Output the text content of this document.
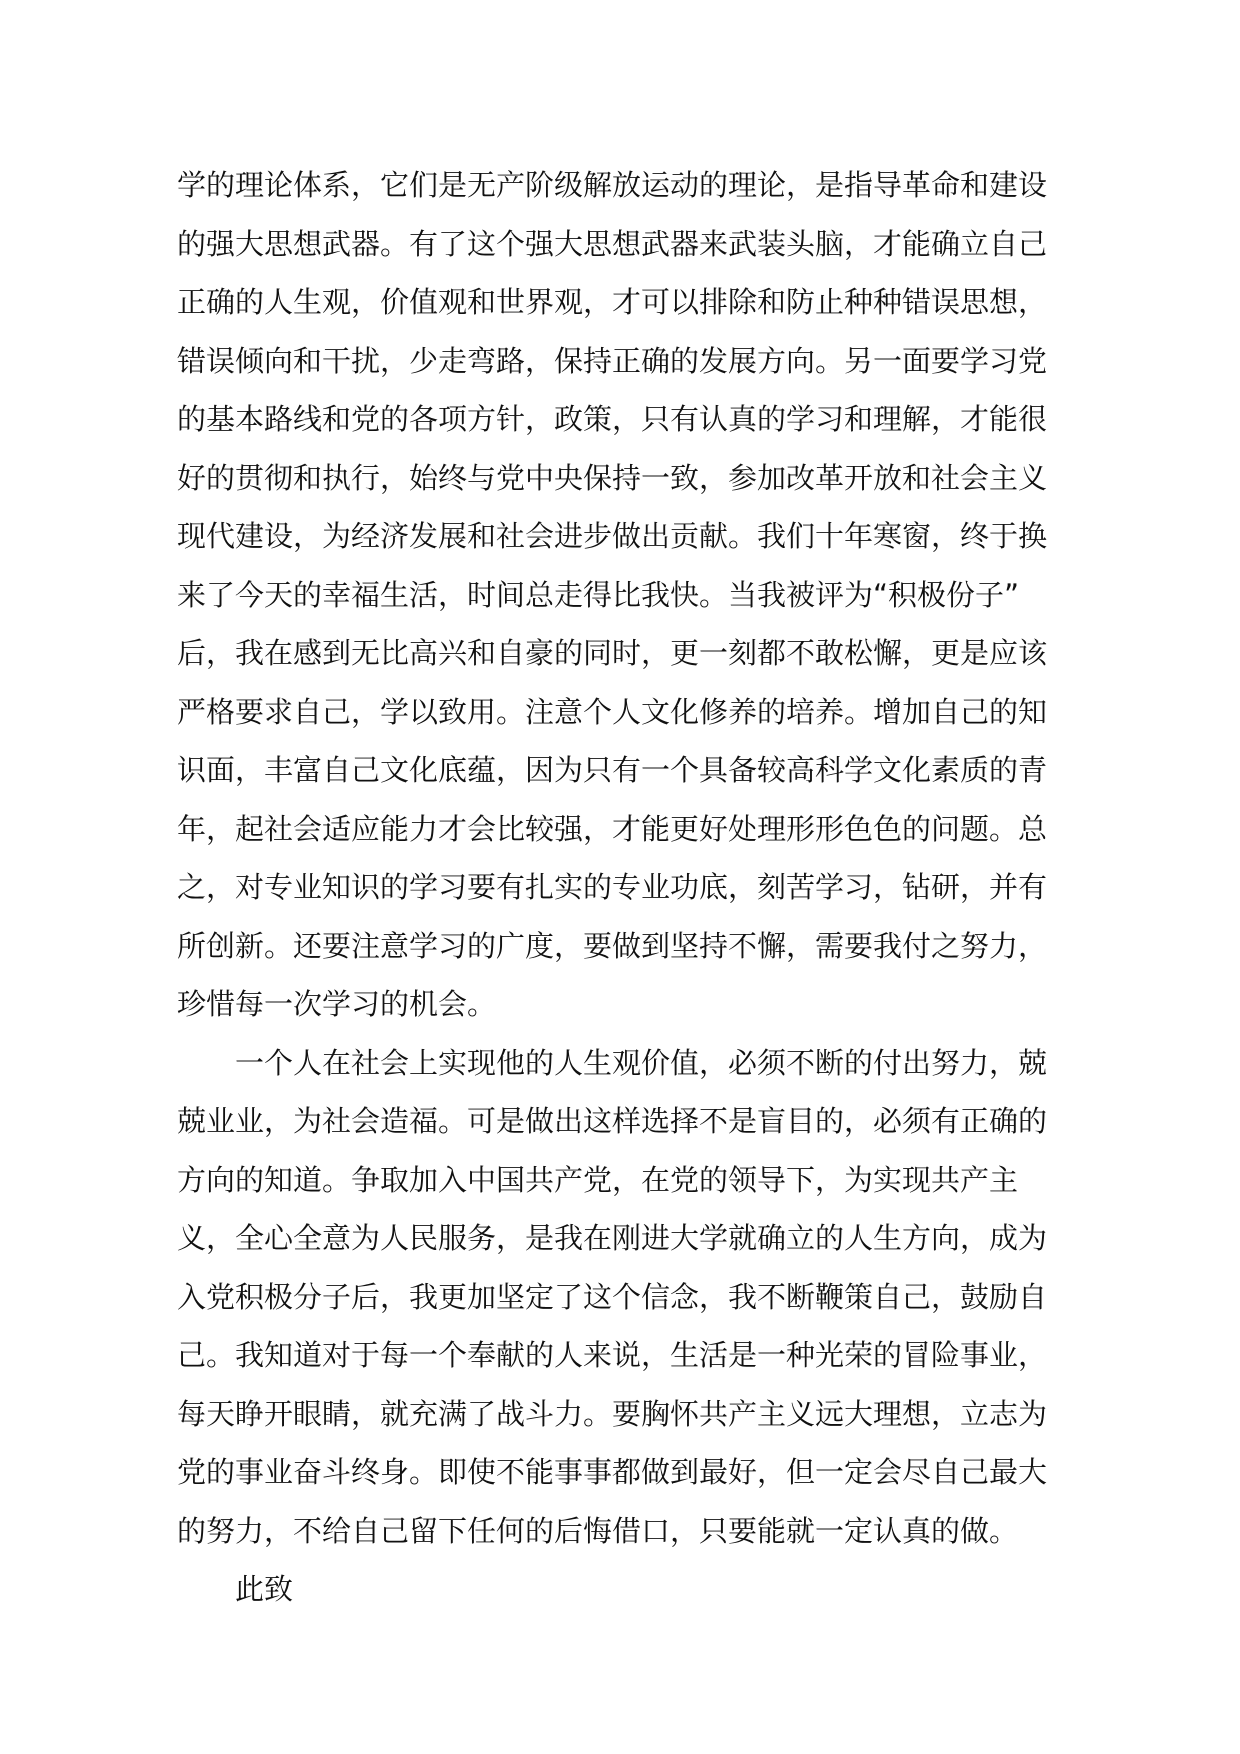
学的理论体系，它们是无产阶级解放运动的理论，是指导革命和建设
的强大思想武器。有了这个强大思想武器来武装头脑，才能确立自己
正确的人生观，价值观和世界观，才可以排除和防止种种错误思想，
错误倾向和干扰，少走弯路，保持正确的发展方向。另一面要学习党
的基本路线和党的各项方针，政策，只有认真的学习和理解，才能很
好的贯彻和执行，始终与党中央保持一致，参加改革开放和社会主义
现代建设，为经济发展和社会进步做出贡献。我们十年寒窗，终于换
来了今天的幸福生活，时间总走得比我快。当我被评为“积极份子”
后，我在感到无比高兴和自豪的同时，更一刻都不敢松懈，更是应该
严格要求自己，学以致用。注意个人文化修养的培养。增加自己的知
识面，丰富自己文化底蕴，因为只有一个具备较高科学文化素质的青
年，起社会适应能力才会比较强，才能更好处理形形色色的问题。总
之，对专业知识的学习要有扎实的专业功底，刻苦学习，钻研，并有
所创新。还要注意学习的广度，要做到坚持不懈，需要我付之努力，
珍惜每一次学习的机会。
　　一个人在社会上实现他的人生观价值，必须不断的付出努力，兢
兢业业，为社会造福。可是做出这样选择不是盲目的，必须有正确的
方向的知道。争取加入中国共产党，在党的领导下，为实现共产主
义，全心全意为人民服务，是我在刚进大学就确立的人生方向，成为
入党积极分子后，我更加坚定了这个信念，我不断鞭策自己，鼓励自
己。我知道对于每一个奉献的人来说，生活是一种光荣的冒险事业，
每天睁开眼睛，就充满了战斗力。要胸怀共产主义远大理想，立志为
党的事业奋斗终身。即使不能事事都做到最好，但一定会尽自己最大
的努力，不给自己留下任何的后悔借口，只要能就一定认真的做。
　　此致
